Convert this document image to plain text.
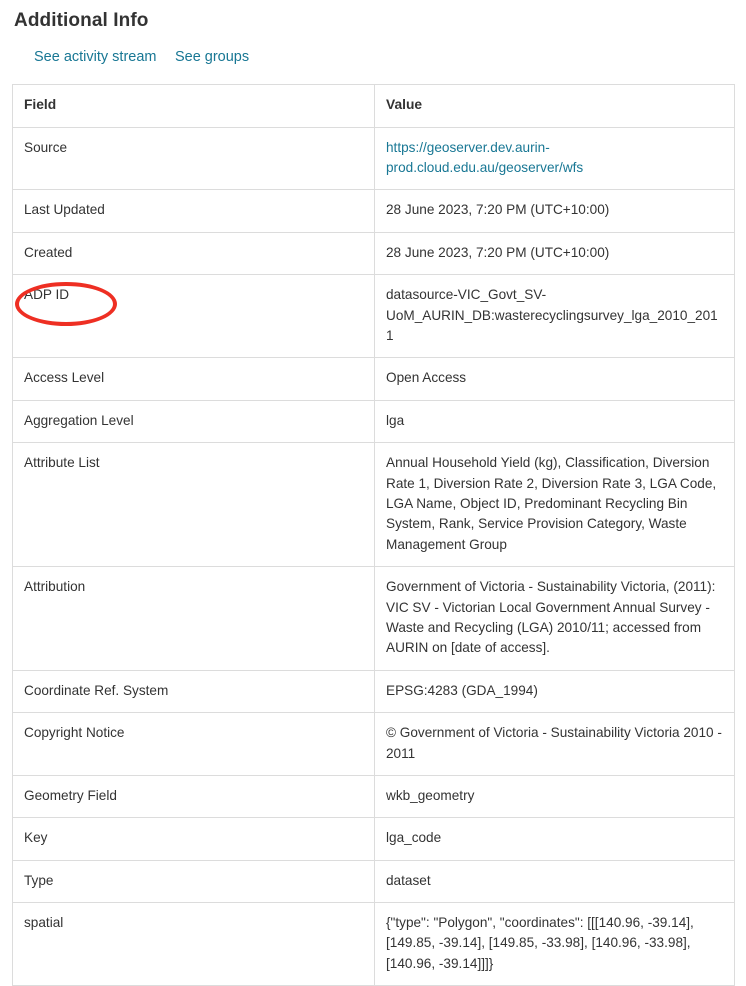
Additional Info
See activity stream See groups
Field	Value
Source	https://geoserver.dev.aurin-prod.cloud.edu.au/geoserver/wfs
Last Updated	28 June 2023, 7:20 PM (UTC+10:00)
Created	28 June 2023, 7:20 PM (UTC+10:00)
ADP ID	datasource-VIC_Govt_SV-UoM_AURIN_DB:wasterecyclingsurvey_lga_2010_2011
Access Level	Open Access
Aggregation Level	lga
Attribute List	Annual Household Yield (kg), Classification, Diversion Rate 1, Diversion Rate 2, Diversion Rate 3, LGA Code, LGA Name, Object ID, Predominant Recycling Bin System, Rank, Service Provision Category, Waste Management Group
Attribution	Government of Victoria - Sustainability Victoria, (2011): VIC SV - Victorian Local Government Annual Survey - Waste and Recycling (LGA) 2010/11; accessed from AURIN on [date of access].
Coordinate Ref. System	EPSG:4283 (GDA_1994)
Copyright Notice	© Government of Victoria - Sustainability Victoria 2010 - 2011
Geometry Field	wkb_geometry
Key	lga_code
Type	dataset
spatial	{"type": "Polygon", "coordinates": [[[140.96, -39.14], [149.85, -39.14], [149.85, -33.98], [140.96, -33.98], [140.96, -39.14]]]}
